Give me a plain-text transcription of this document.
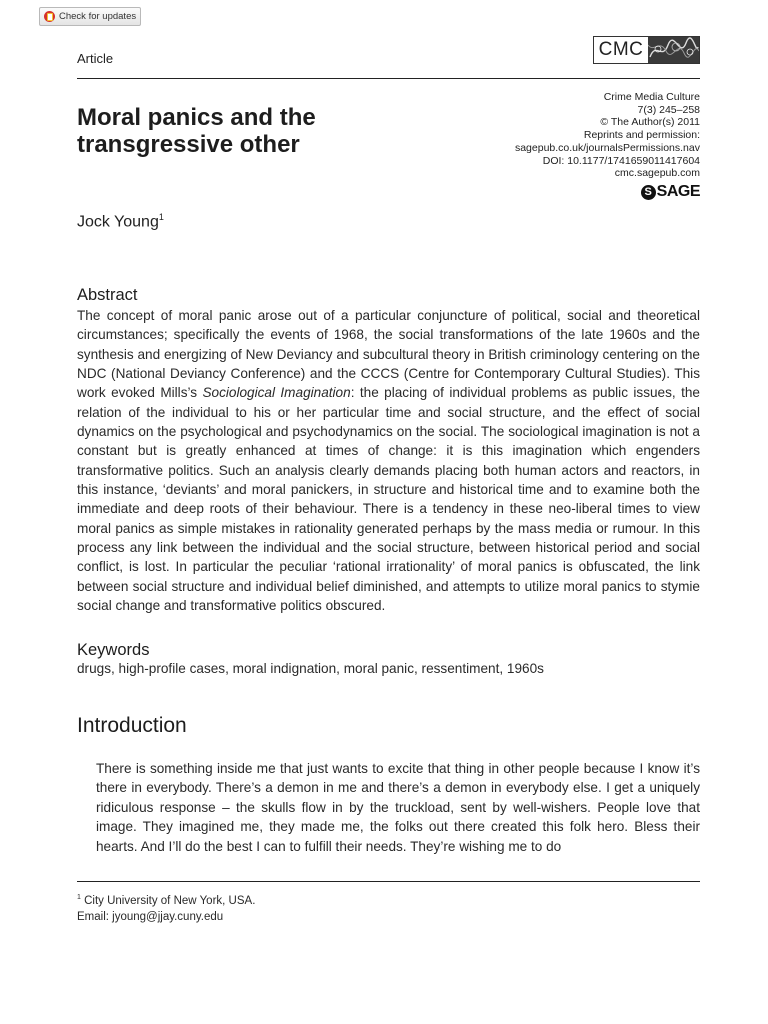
Check for updates
Article	CMC
Moral panics and the transgressive other
Crime Media Culture
7(3) 245–258
© The Author(s) 2011
Reprints and permission:
sagepub.co.uk/journalsPermissions.nav
DOI: 10.1177/1741659011417604
cmc.sagepub.com
S SAGE
Jock Young$^1$
Abstract

The concept of moral panic arose out of a particular conjuncture of political, social and theoretical circumstances; specifically the events of 1968, the social transformations of the late 1960s and the synthesis and energizing of New Deviancy and subcultural theory in British criminology centering on the NDC (National Deviancy Conference) and the CCCS (Centre for Contemporary Cultural Studies). This work evoked Mills’s Sociological Imagination: the placing of individual problems as public issues, the relation of the individual to his or her particular time and social structure, and the effect of social dynamics on the psychological and psychodynamics on the social. The sociological imagination is not a constant but is greatly enhanced at times of change: it is this imagination which engenders transformative politics. Such an analysis clearly demands placing both human actors and reactors, in this instance, ‘deviants’ and moral panickers, in structure and historical time and to examine both the immediate and deep roots of their behaviour. There is a tendency in these neo-liberal times to view moral panics as simple mistakes in rationality generated perhaps by the mass media or rumour. In this process any link between the individual and the social structure, between historical period and social conflict, is lost. In particular the peculiar ‘rational irrationality’ of moral panics is obfuscated, the link between social structure and individual belief diminished, and attempts to utilize moral panics to stymie social change and transformative politics obscured.

Keywords

drugs, high-profile cases, moral indignation, moral panic, ressentiment, 1960s

Introduction

There is something inside me that just wants to excite that thing in other people because I know it’s there in everybody. There’s a demon in me and there’s a demon in everybody else. I get a uniquely ridiculous response – the skulls flow in by the truckload, sent by well-wishers. People love that image. They imagined me, they made me, the folks out there created this folk hero. Bless their hearts. And I’ll do the best I can to fulfill their needs. They’re wishing me to do

$^1$ City University of New York, USA.
Email: jyoung@jjay.cuny.edu
